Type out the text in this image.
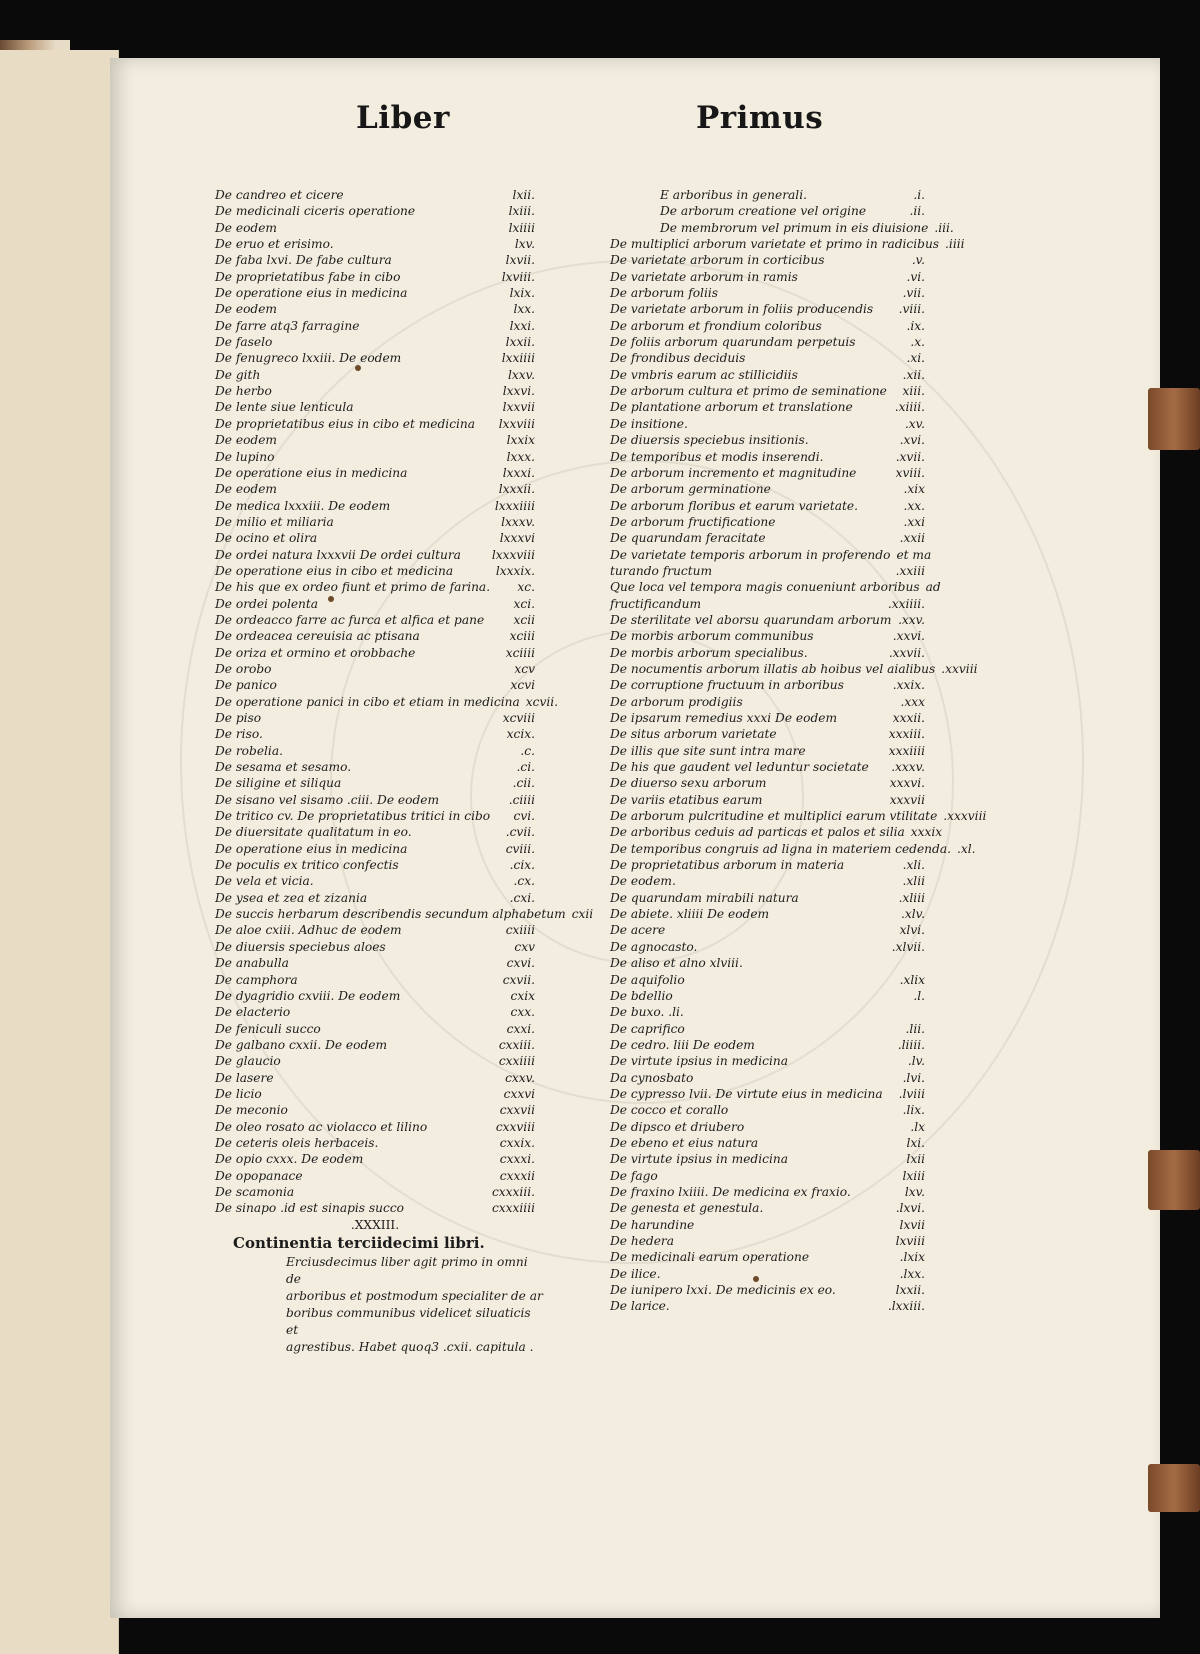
Liber	Primus
De candreo et cicere	lxii.
De medicinali ciceris operatione	lxiii.
De eodem	lxiiii
De eruo et erisimo.	lxv.
De faba lxvi. De fabe cultura	lxvii.
De proprietatibus fabe in cibo	lxviii.
De operatione eius in medicina	lxix.
De eodem	lxx.
De farre atq3 farragine	lxxi.
De faselo	lxxii.
De fenugreco lxxiii. De eodem	lxxiiii
De gith	lxxv.
De herbo	lxxvi.
De lente siue lenticula	lxxvii
De proprietatibus eius in cibo et medicina lxxviii
De eodem	lxxix
De lupino	lxxx.
De operatione eius in medicina	lxxxi.
De eodem	lxxxii.
De medica lxxxiii. De eodem	lxxxiiii
De milio et miliaria	lxxxv.
De ocino et olira	lxxxvi
De ordei natura lxxxvii De ordei cultura	lxxxviii
De operatione eius in cibo et medicina	lxxxix.
De his que ex ordeo fiunt et primo de farina. xc.
De ordei polenta	xci.
De ordeacco farre ac furca et alfica et pane xcii
De ordeacea cereuisia ac ptisana	xciii
De oriza et ormino et orobbache	xciiii
De orobo	xcv
De panico	xcvi
De operatione panici in cibo et etiam in medicina xcvii.
De piso	xcviii
De riso.	xcix.
De robelia.	.c.
De sesama et sesamo.	.ci.
De siligine et siliqua	.cii.
De sisano vel sisamo .ciii. De eodem	.ciiii
De tritico cv. De proprietatibus tritici in cibo cvi.
De diuersitate qualitatum in eo.	.cvii.
De operatione eius in medicina	cviii.
De poculis ex tritico confectis	.cix.
De vela et vicia.	.cx.
De ysea et zea et zizania	.cxi.
De succis herbarum describendis secundum alphabetum cxii
De aloe cxiii. Adhuc de eodem	cxiiii
De diuersis speciebus aloes	cxv
De anabulla	cxvi.
De camphora	cxvii.
De dyagridio cxviii. De eodem	cxix
De elacterio	cxx.
De feniculi succo	cxxi.
De galbano cxxii. De eodem	cxxiii.
De glaucio	cxxiiii
De lasere	cxxv.
De licio	cxxvi
De meconio	cxxvii
De oleo rosato ac violacco et lilino	cxxviii
De ceteris oleis herbaceis.	cxxix.
De opio cxxx. De eodem	cxxxi.
De opopanace	cxxxii
De scamonia	cxxxiii.
De sinapo .id est sinapis succo	cxxxiiii
.XXXIII.
E arboribus in generali.	.i.
De arborum creatione vel origine	.ii.
De membrorum vel primum in eis diuisione .iii.
De multiplici arborum varietate et primo in radicibus .iiii
De varietate arborum in corticibus	.v.
De varietate arborum in ramis	.vi.
De arborum foliis	.vii.
De varietate arborum in foliis producendis .viii.
De arborum et frondium coloribus	.ix.
De foliis arborum quarundam perpetuis	.x.
De frondibus deciduis	.xi.
De vmbris earum ac stillicidiis	.xii.
De arborum cultura et primo de seminatione xiii.
De plantatione arborum et translatione	.xiiii.
De insitione.	.xv.
De diuersis speciebus insitionis.	.xvi.
De temporibus et modis inserendi.	.xvii.
De arborum incremento et magnitudine	xviii.
De arborum germinatione	.xix
De arborum floribus et earum varietate.	.xx.
De arborum fructificatione	.xxi
De quarundam feracitate	.xxii
De varietate temporis arborum in proferendo et ma
turando fructum	.xxiii
Que loca vel tempora magis conueniunt arboribus ad
fructificandum	.xxiiii.
De sterilitate vel aborsu quarundam arborum .xxv.
De morbis arborum communibus	.xxvi.
De morbis arborum specialibus.	.xxvii.
De nocumentis arborum illatis ab hoibus vel aialibus .xxviii
De corruptione fructuum in arboribus	.xxix.
De arborum prodigiis	.xxx
De ipsarum remedius xxxi De eodem	xxxii.
De situs arborum varietate	xxxiii.
De illis que site sunt intra mare	xxxiiii
De his que gaudent vel leduntur societate .xxxv.
De diuerso sexu arborum	xxxvi.
De variis etatibus earum	xxxvii
De arborum pulcritudine et multiplici earum vtilitate .xxxviii
De arboribus ceduis ad particas et palos et silia xxxix
De temporibus congruis ad ligna in materiem cedenda. .xl.
De proprietatibus arborum in materia	.xli.
De eodem.	.xlii
De quarundam mirabili natura	.xliii
De abiete. xliiii De eodem	.xlv.
De acere	xlvi.
De agnocasto.	.xlvii.
De aliso et alno xlviii.
De aquifolio	.xlix
De bdellio	.l.
De buxo. .li.
De caprifico	.lii.
De cedro. liii De eodem	.liiii.
De virtute ipsius in medicina	.lv.
Da cynosbato	.lvi.
De cypresso lvii. De virtute eius in medicina .lviii
De cocco et corallo	.lix.
De dipsco et driubero	.lx
De ebeno et eius natura	lxi.
De virtute ipsius in medicina	lxii
De fago	lxiii
De fraxino lxiiii. De medicina ex fraxio.	lxv.
De genesta et genestula.	.lxvi.
De harundine	lxvii
De hedera	lxviii
De medicinali earum operatione	.lxix
De ilice.	.lxx.
De iunipero lxxi. De medicinis ex eo.	lxxii.
De larice.	.lxxiii.
Continentia terciidecimi libri.
Erciusdecimus liber agit primo in omni de
arboribus et postmodum specialiter de ar
boribus communibus videlicet siluaticis et
agrestibus. Habet quoq3 .cxii. capitula .
